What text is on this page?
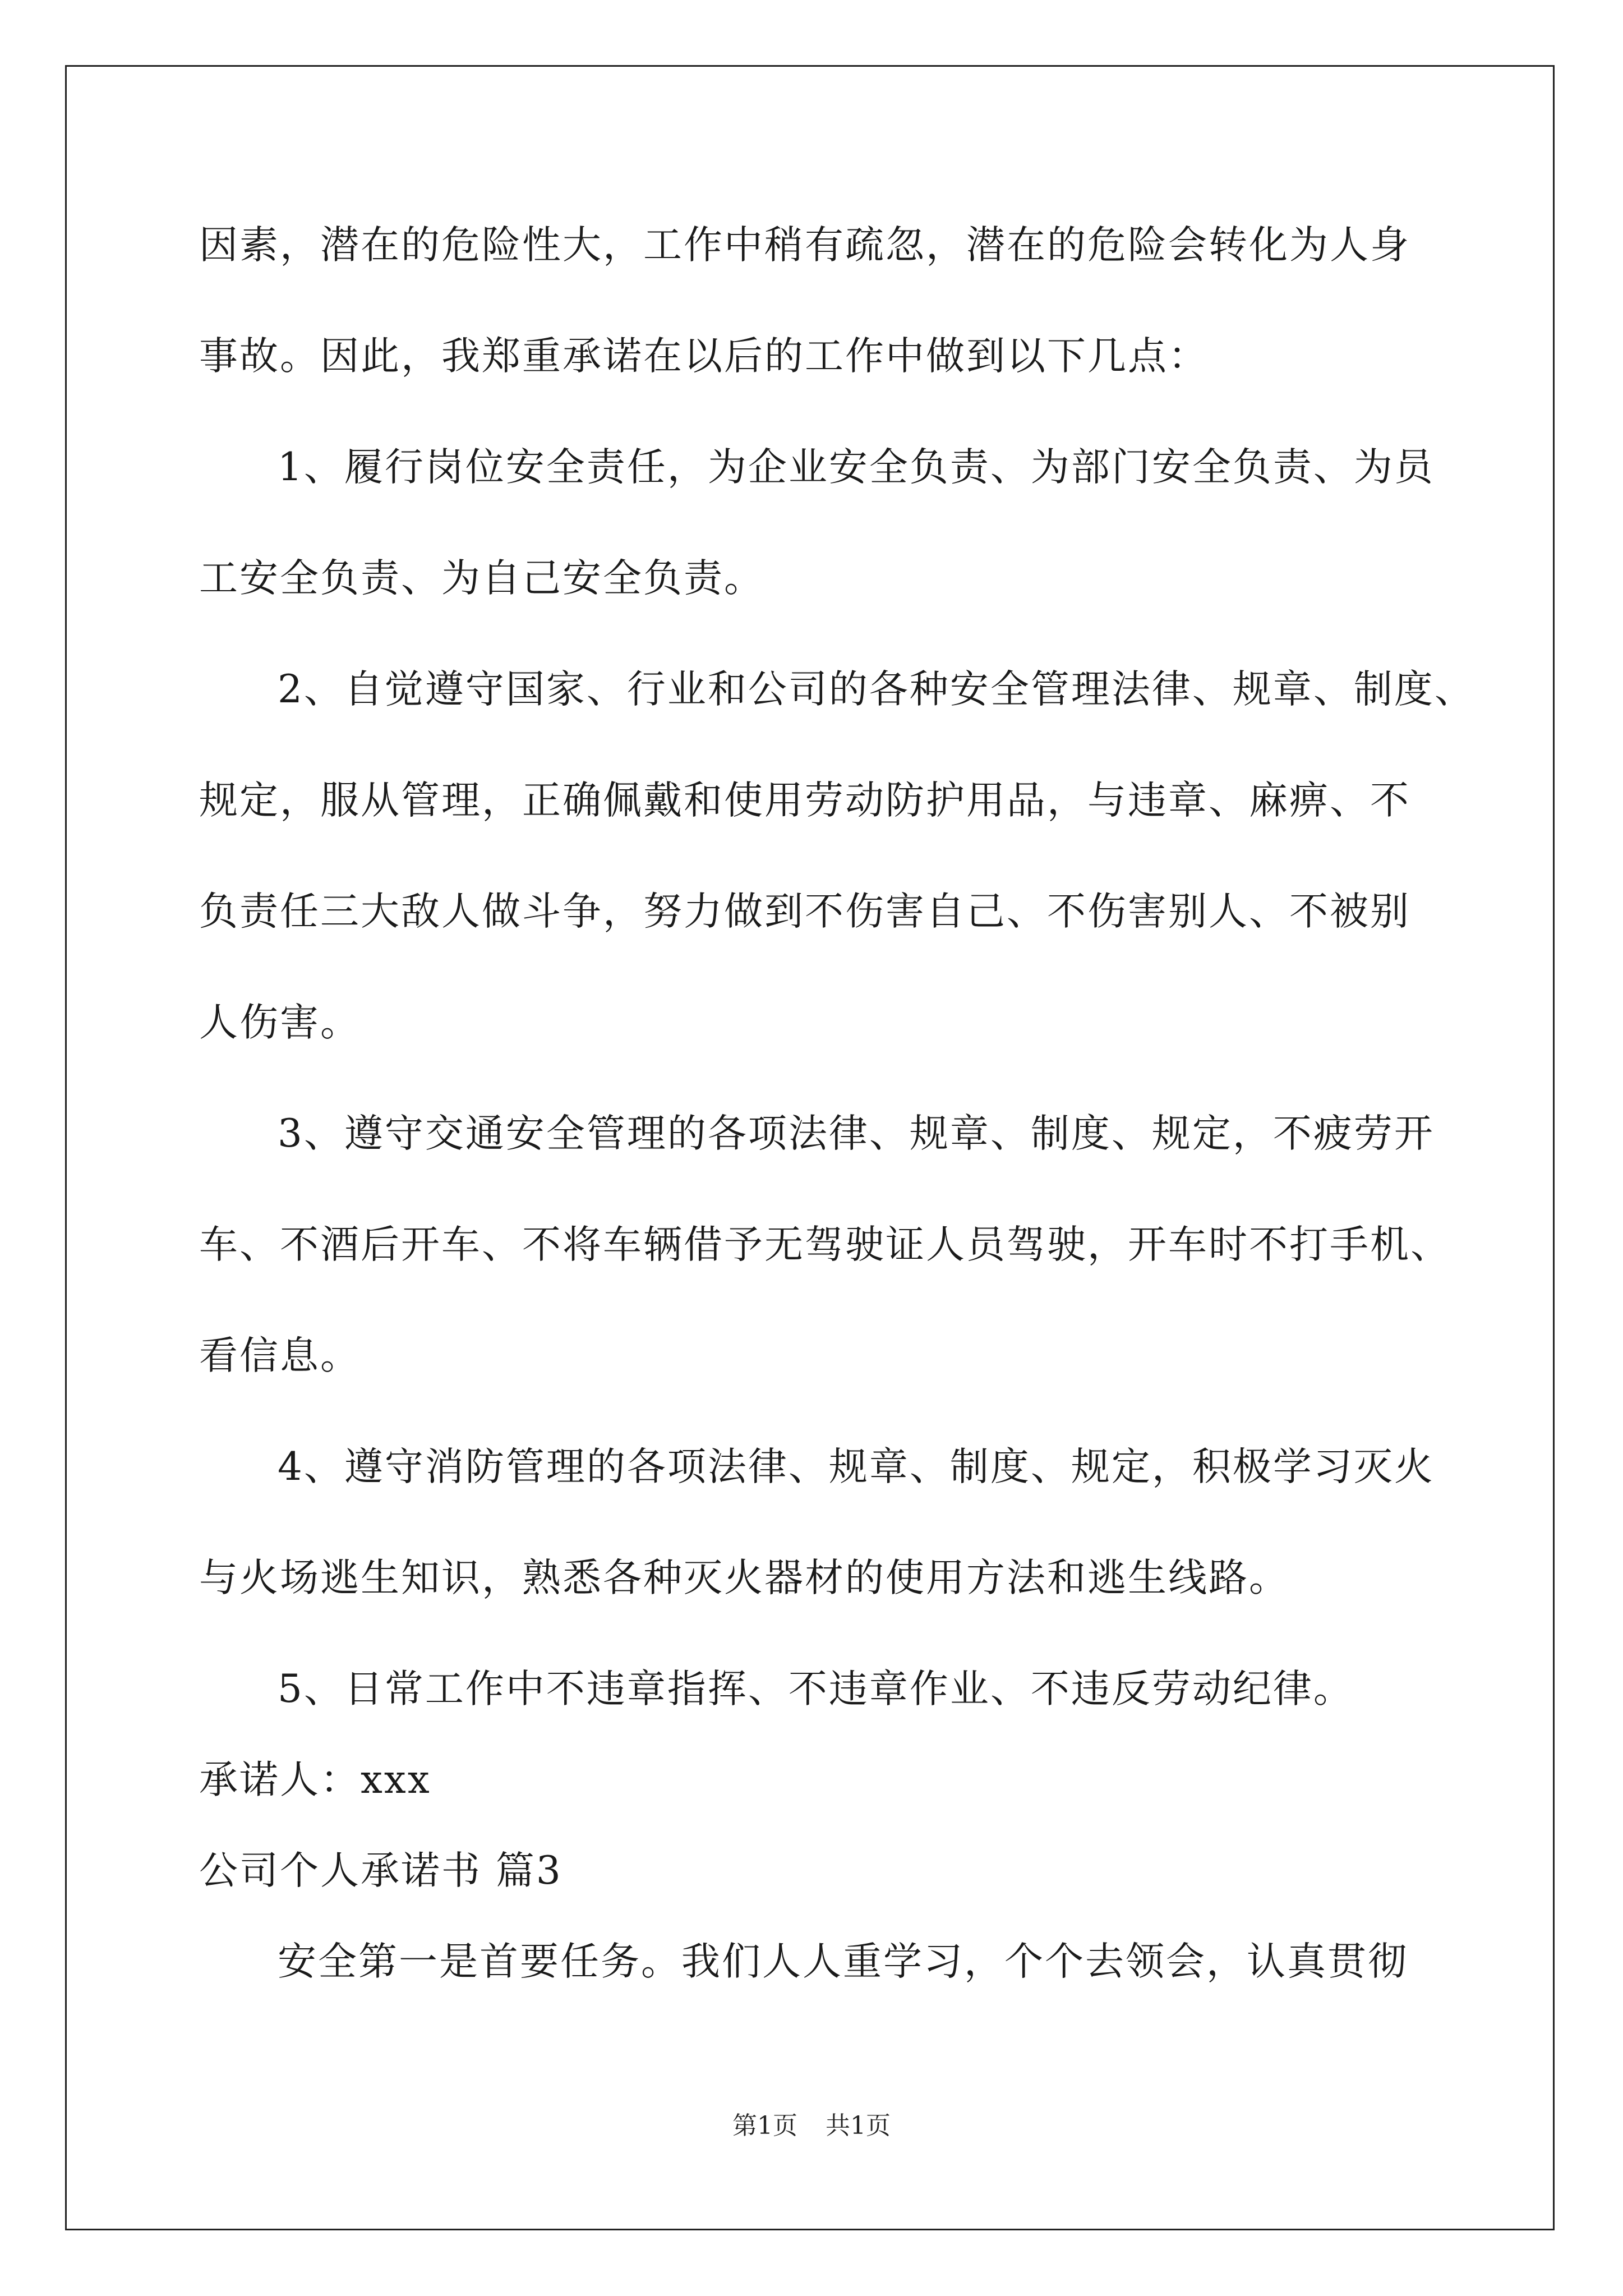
因素，潜在的危险性大，工作中稍有疏忽，潜在的危险会转化为人身
事故。因此，我郑重承诺在以后的工作中做到以下几点：
1、履行岗位安全责任，为企业安全负责、为部门安全负责、为员
工安全负责、为自己安全负责。
2、自觉遵守国家、行业和公司的各种安全管理法律、规章、制度、
规定，服从管理，正确佩戴和使用劳动防护用品，与违章、麻痹、不
负责任三大敌人做斗争，努力做到不伤害自己、不伤害别人、不被别
人伤害。
3、遵守交通安全管理的各项法律、规章、制度、规定，不疲劳开
车、不酒后开车、不将车辆借予无驾驶证人员驾驶，开车时不打手机、
看信息。
4、遵守消防管理的各项法律、规章、制度、规定，积极学习灭火
与火场逃生知识，熟悉各种灭火器材的使用方法和逃生线路。
5、日常工作中不违章指挥、不违章作业、不违反劳动纪律。
承诺人：xxx
公司个人承诺书 篇3
安全第一是首要任务。我们人人重学习，个个去领会，认真贯彻
第1页 共1页
